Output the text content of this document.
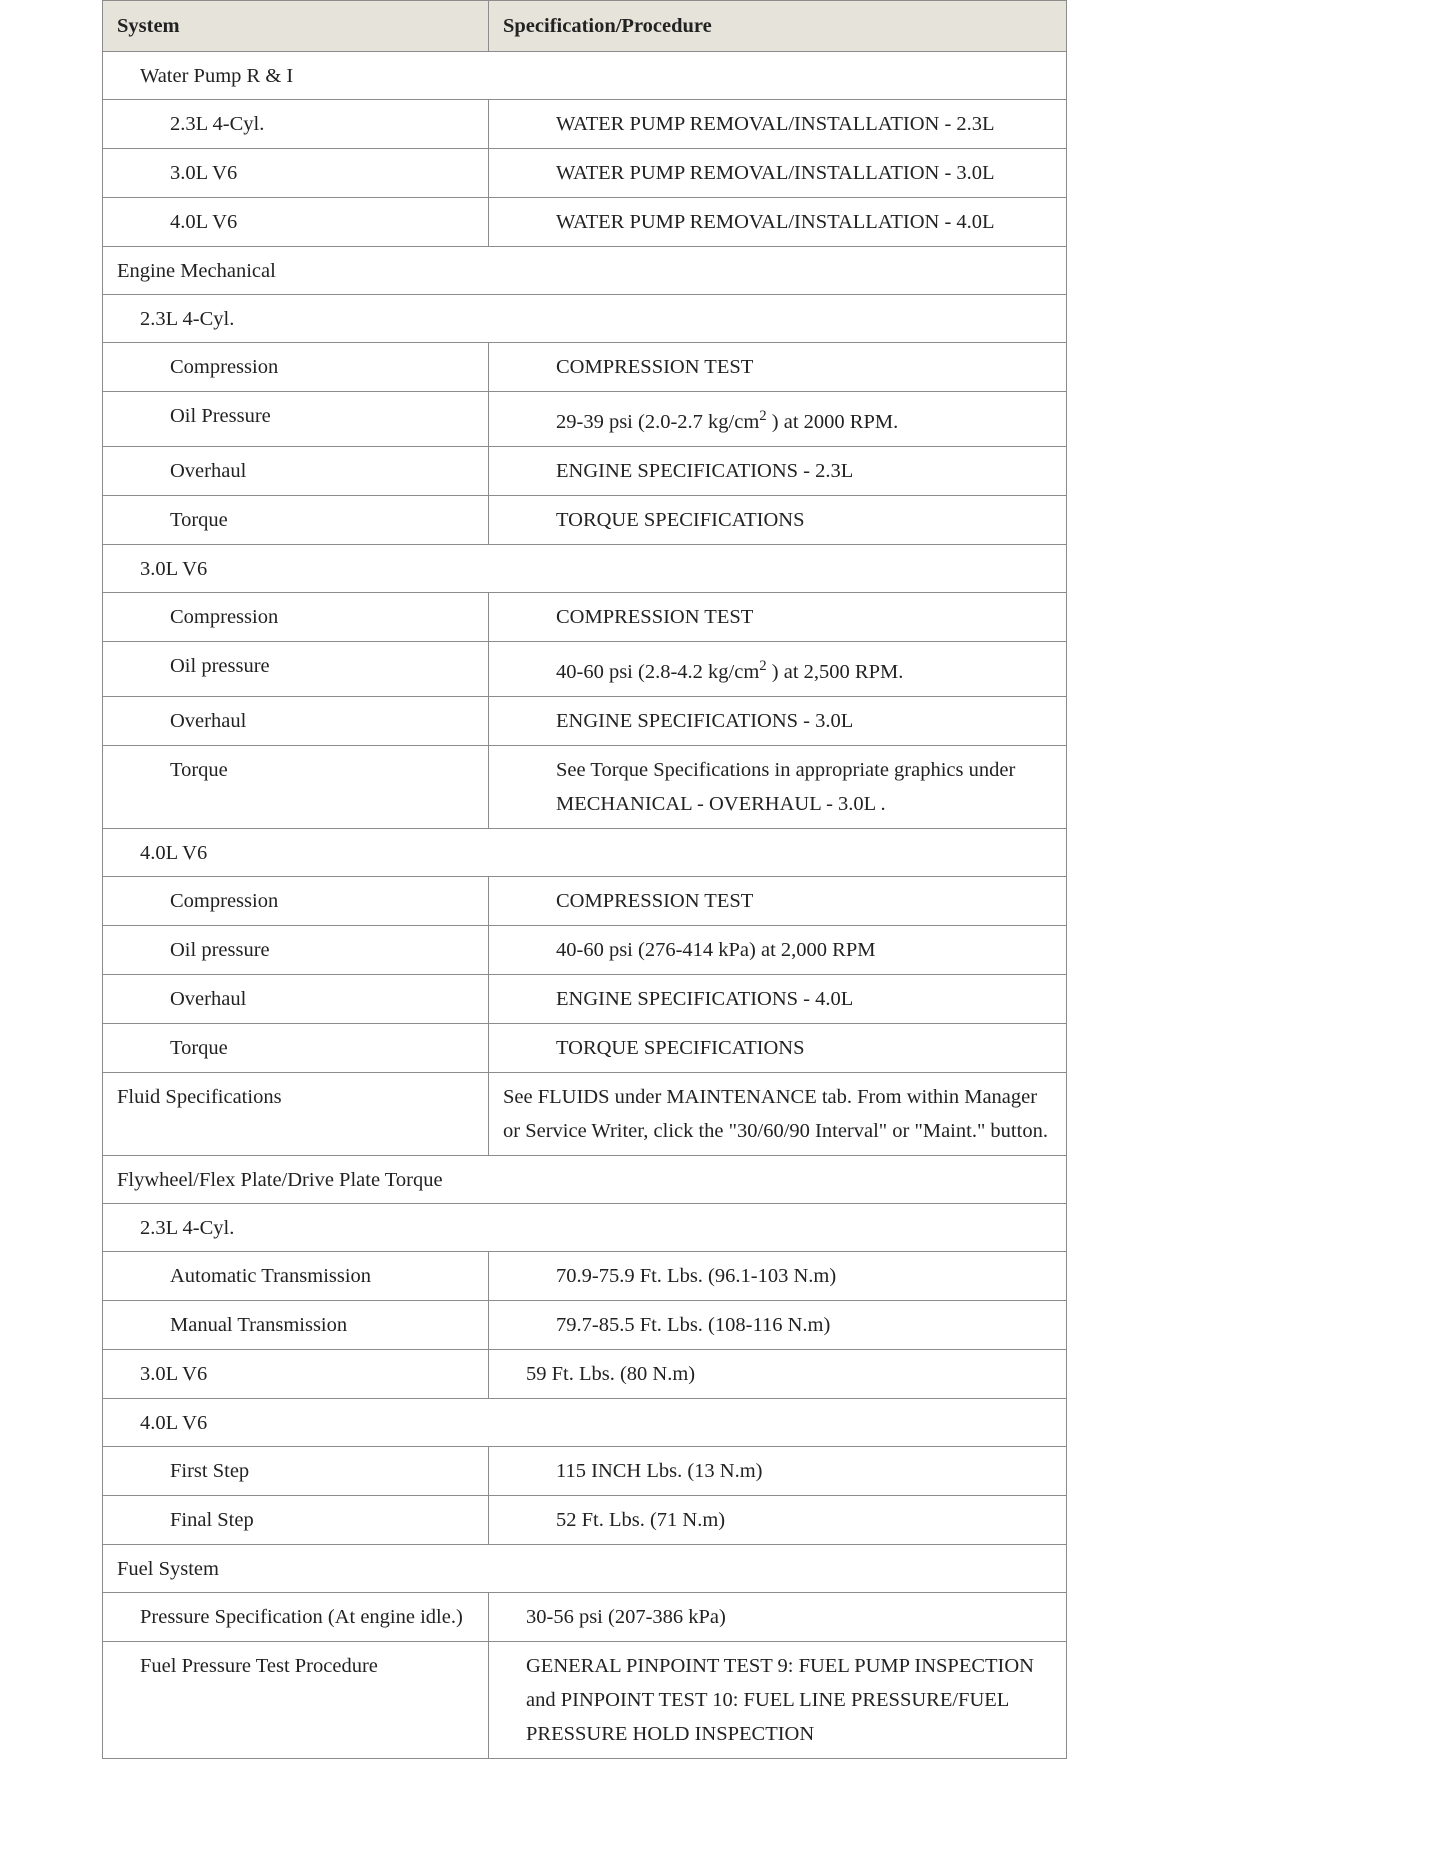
System	Specification/Procedure
Water Pump R & I	
2.3L 4-Cyl.	WATER PUMP REMOVAL/INSTALLATION - 2.3L
3.0L V6	WATER PUMP REMOVAL/INSTALLATION - 3.0L
4.0L V6	WATER PUMP REMOVAL/INSTALLATION - 4.0L
Engine Mechanical	
2.3L 4-Cyl.	
Compression	COMPRESSION TEST
Oil Pressure	29-39 psi (2.0-2.7 $kg/cm^2$ ) at 2000 RPM.
Overhaul	ENGINE SPECIFICATIONS - 2.3L
Torque	TORQUE SPECIFICATIONS
3.0L V6	
Compression	COMPRESSION TEST
Oil pressure	40-60 psi (2.8-4.2 $kg/cm^2$ ) at 2,500 RPM.
Overhaul	ENGINE SPECIFICATIONS - 3.0L
Torque	See Torque Specifications in appropriate graphics under MECHANICAL - OVERHAUL - 3.0L .
4.0L V6	
Compression	COMPRESSION TEST
Oil pressure	40-60 psi (276-414 kPa) at 2,000 RPM
Overhaul	ENGINE SPECIFICATIONS - 4.0L
Torque	TORQUE SPECIFICATIONS
Fluid Specifications	See FLUIDS under MAINTENANCE tab. From within Manager or Service Writer, click the "30/60/90 Interval" or "Maint." button.
Flywheel/Flex Plate/Drive Plate Torque	
2.3L 4-Cyl.	
Automatic Transmission	70.9-75.9 Ft. Lbs. (96.1-103 N.m)
Manual Transmission	79.7-85.5 Ft. Lbs. (108-116 N.m)
3.0L V6	59 Ft. Lbs. (80 N.m)
4.0L V6	
First Step	115 INCH Lbs. (13 N.m)
Final Step	52 Ft. Lbs. (71 N.m)
Fuel System	
Pressure Specification (At engine idle.)	30-56 psi (207-386 kPa)
Fuel Pressure Test Procedure	GENERAL PINPOINT TEST 9: FUEL PUMP INSPECTION and PINPOINT TEST 10: FUEL LINE PRESSURE/FUEL PRESSURE HOLD INSPECTION
